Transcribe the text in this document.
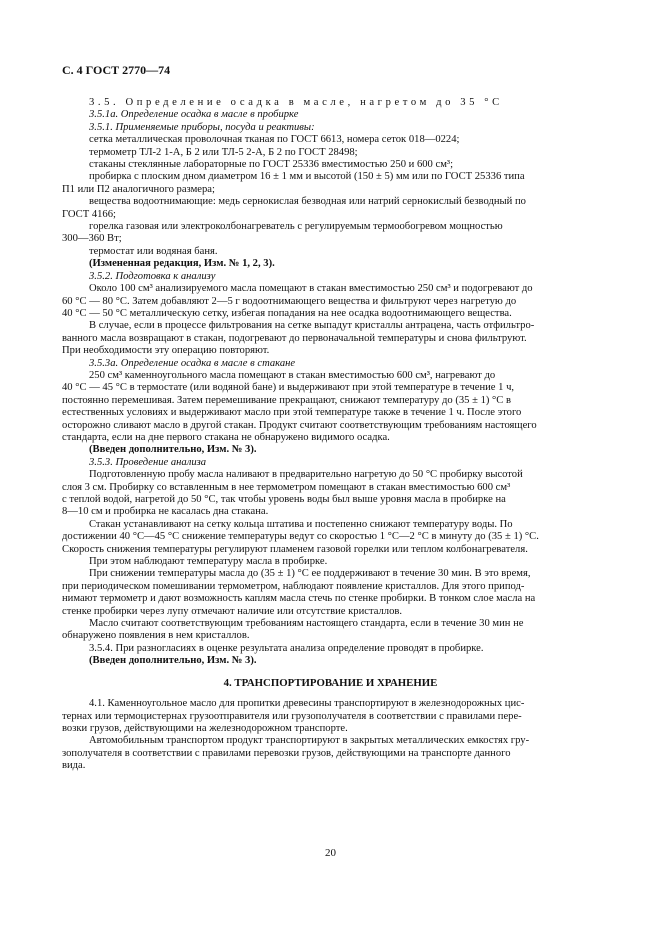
С. 4 ГОСТ 2770—74
3.5. Определение осадка в масле, нагретом до 35 °С
3.5.1а. Определение осадка в масле в пробирке
3.5.1. Применяемые приборы, посуда и реактивы:
сетка металлическая проволочная тканая по ГОСТ 6613, номера сеток 018—0224;
термометр ТЛ-2 1-А, Б 2 или ТЛ-5 2-А, Б 2 по ГОСТ 28498;
стаканы стеклянные лабораторные по ГОСТ 25336 вместимостью 250 и 600 см³;
пробирка с плоским дном диаметром 16 ± 1 мм и высотой (150 ± 5) мм или по ГОСТ 25336 типа
П1 или П2 аналогичного размера;
вещества водоотнимающие: медь сернокислая безводная или натрий сернокислый безводный по
ГОСТ 4166;
горелка газовая или электроколбонагреватель с регулируемым термообогревом мощностью
300—360 Вт;
термостат или водяная баня.
(Измененная редакция, Изм. № 1, 2, 3).
3.5.2. Подготовка к анализу
Около 100 см³ анализируемого масла помещают в стакан вместимостью 250 см³ и подогревают до
60 °С — 80 °С. Затем добавляют 2—5 г водоотнимающего вещества и фильтруют через нагретую до
40 °С — 50 °С металлическую сетку, избегая попадания на нее осадка водоотнимающего вещества.
В случае, если в процессе фильтрования на сетке выпадут кристаллы антрацена, часть отфильтро-
ванного масла возвращают в стакан, подогревают до первоначальной температуры и снова фильтруют.
При необходимости эту операцию повторяют.
3.5.3а. Определение осадка в масле в стакане
250 см³ каменноугольного масла помещают в стакан вместимостью 600 см³, нагревают до
40 °С — 45 °С в термостате (или водяной бане) и выдерживают при этой температуре в течение 1 ч,
постоянно перемешивая. Затем перемешивание прекращают, снижают температуру до (35 ± 1) °С в
естественных условиях и выдерживают масло при этой температуре также в течение 1 ч. После этого
осторожно сливают масло в другой стакан. Продукт считают соответствующим требованиям настоящего
стандарта, если на дне первого стакана не обнаружено видимого осадка.
(Введен дополнительно, Изм. № 3).
3.5.3. Проведение анализа
Подготовленную пробу масла наливают в предварительно нагретую до 50 °С пробирку высотой
слоя 3 см. Пробирку со вставленным в нее термометром помещают в стакан вместимостью 600 см³
с теплой водой, нагретой до 50 °С, так чтобы уровень воды был выше уровня масла в пробирке на
8—10 см и пробирка не касалась дна стакана.
Стакан устанавливают на сетку кольца штатива и постепенно снижают температуру воды. По
достижении 40 °С—45 °С снижение температуры ведут со скоростью 1 °С—2 °С в минуту до (35 ± 1) °С.
Скорость снижения температуры регулируют пламенем газовой горелки или теплом колбонагревателя.
При этом наблюдают температуру масла в пробирке.
При снижении температуры масла до (35 ± 1) °С ее поддерживают в течение 30 мин. В это время,
при периодическом помешивании термометром, наблюдают появление кристаллов. Для этого припод-
нимают термометр и дают возможность каплям масла стечь по стенке пробирки. В тонком слое масла на
стенке пробирки через лупу отмечают наличие или отсутствие кристаллов.
Масло считают соответствующим требованиям настоящего стандарта, если в течение 30 мин не
обнаружено появления в нем кристаллов.
3.5.4. При разногласиях в оценке результата анализа определение проводят в пробирке.
(Введен дополнительно, Изм. № 3).
4. ТРАНСПОРТИРОВАНИЕ И ХРАНЕНИЕ
4.1. Каменноугольное масло для пропитки древесины транспортируют в железнодорожных цис-
тернах или термоцистернах грузоотправителя или грузополучателя в соответствии с правилами пере-
возки грузов, действующими на железнодорожном транспорте.
Автомобильным транспортом продукт транспортируют в закрытых металлических емкостях гру-
зополучателя в соответствии с правилами перевозки грузов, действующими на транспорте данного
вида.
20
